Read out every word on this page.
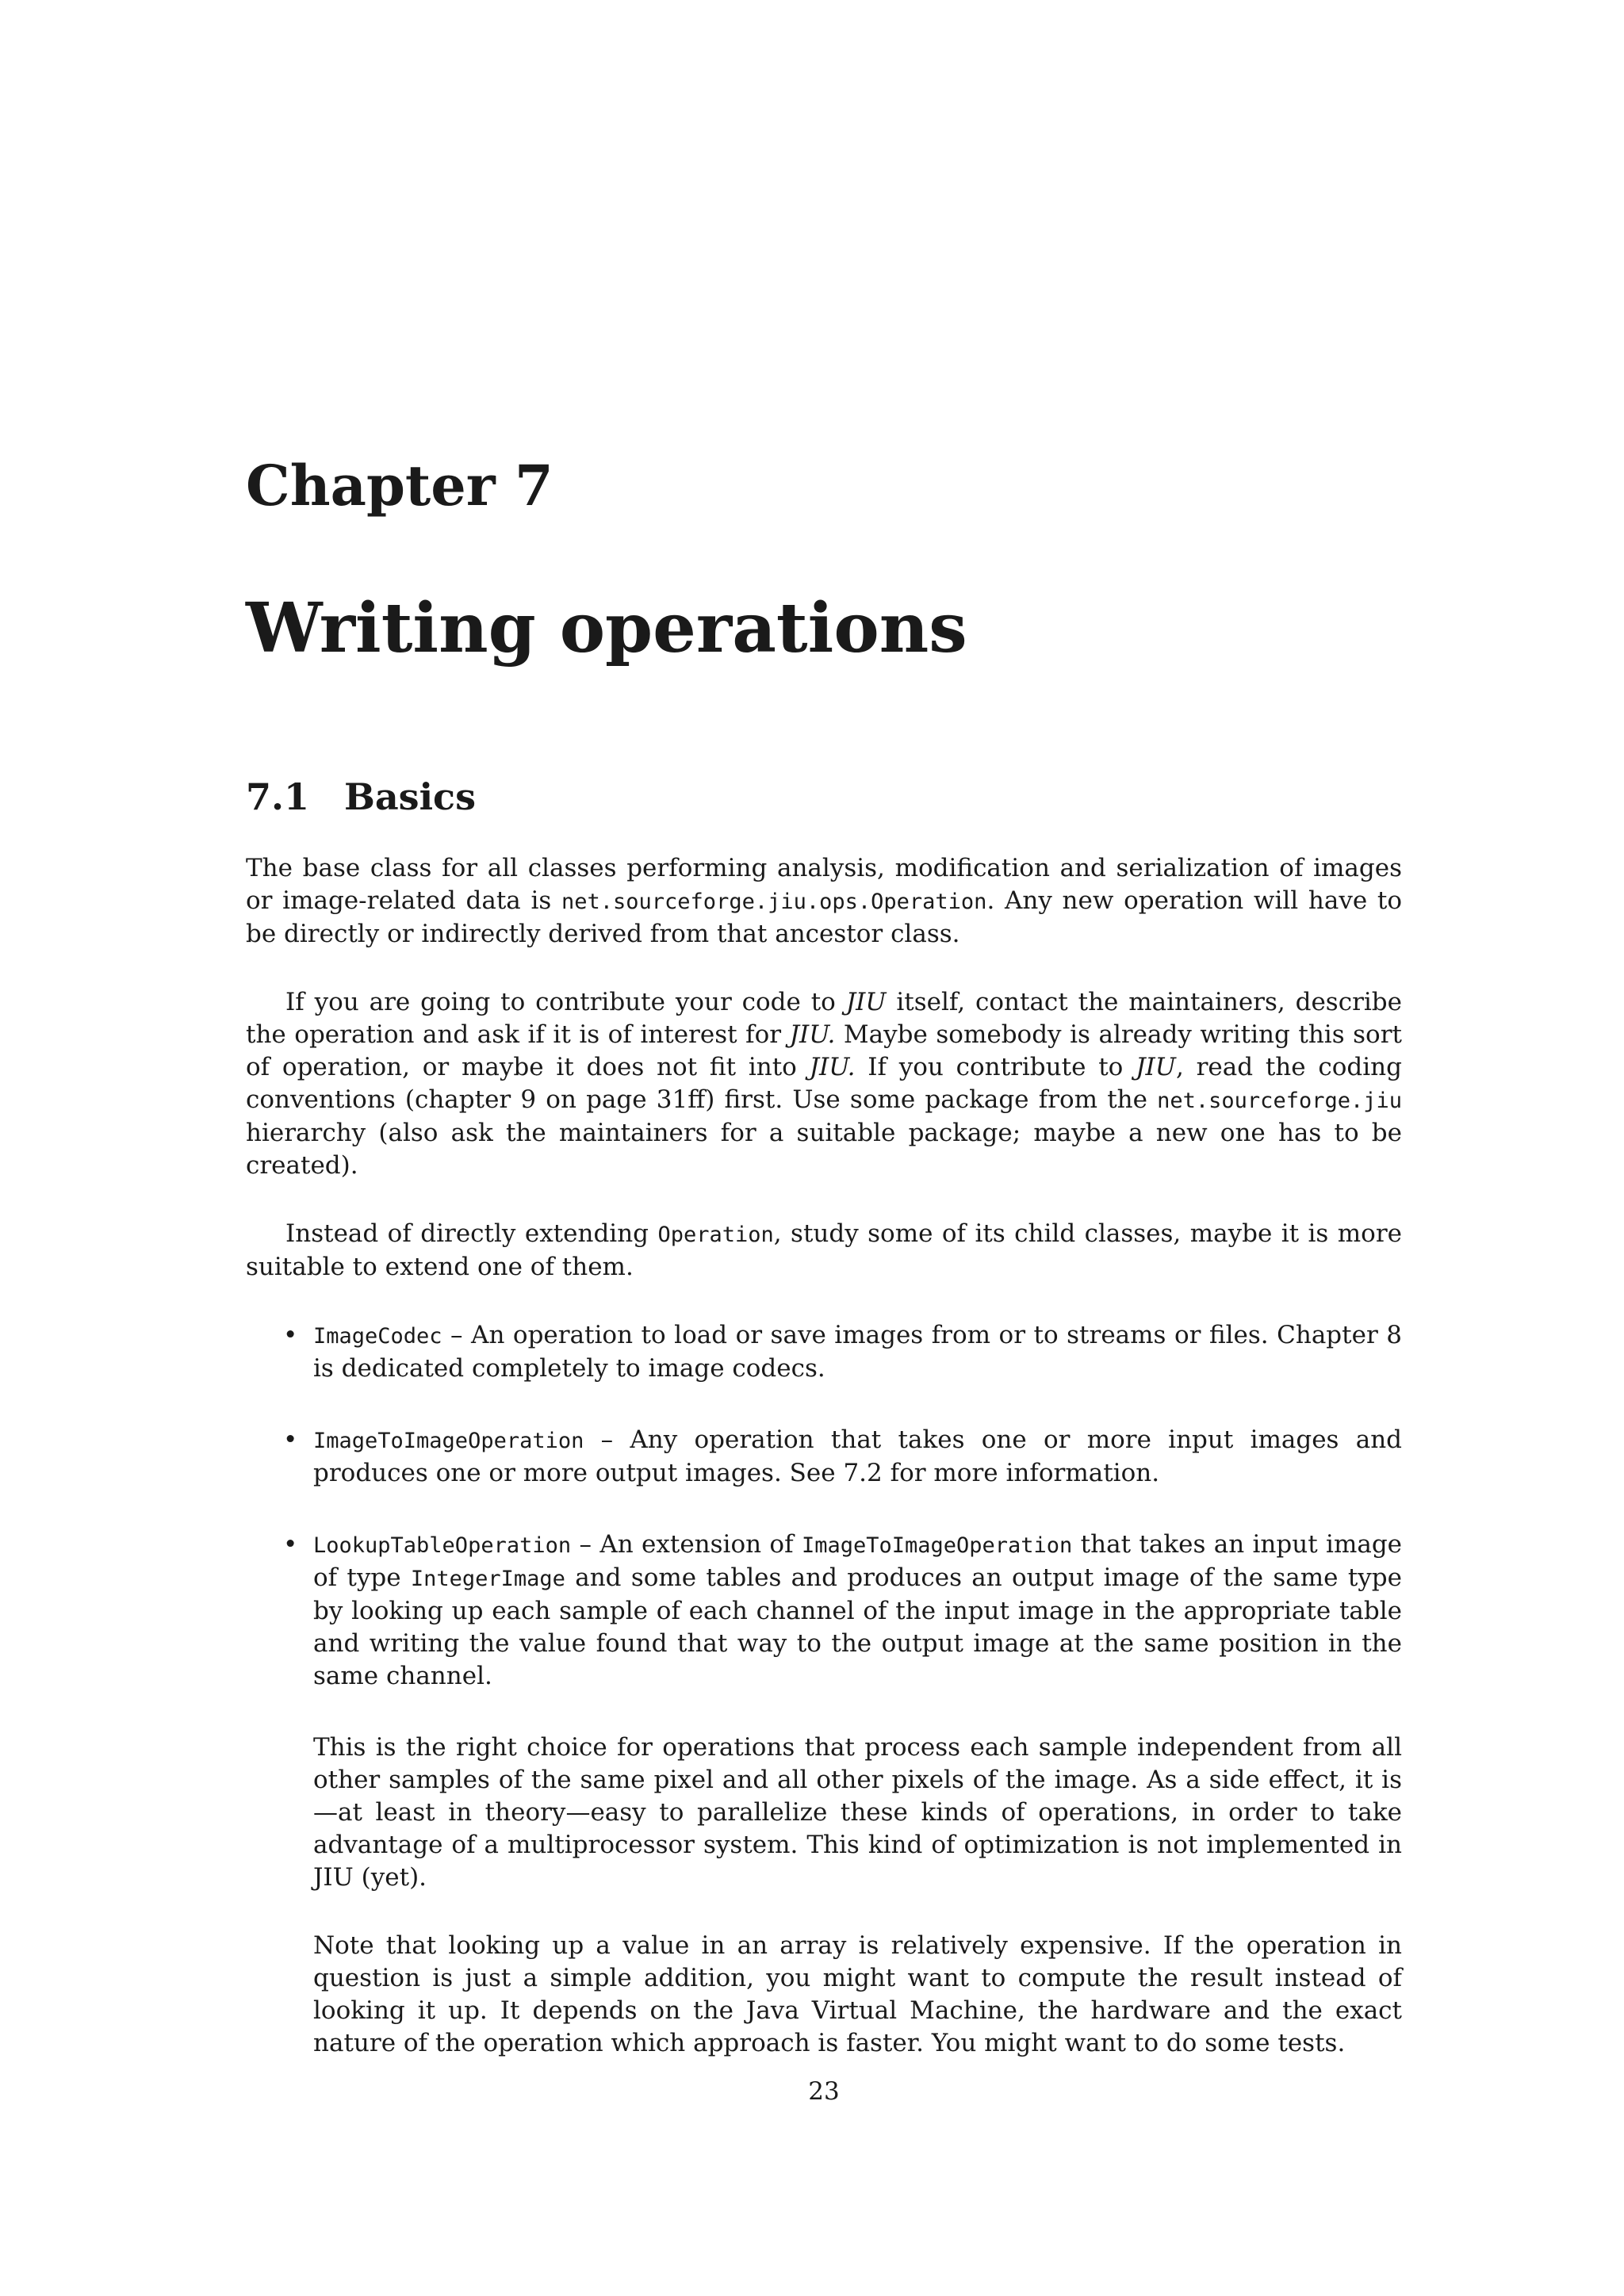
Chapter 7
Writing operations
7.1 Basics

The base class for all classes performing analysis, modification and serialization of images or image-related data is net.sourceforge.jiu.ops.Operation. Any new operation will have to be directly or indirectly derived from that ancestor class.

If you are going to contribute your code to JIU itself, contact the maintainers, describe the operation and ask if it is of interest for JIU. Maybe somebody is already writing this sort of operation, or maybe it does not fit into JIU. If you contribute to JIU, read the coding conventions (chapter 9 on page 31ff) first. Use some package from the net.sourceforge.jiu hierarchy (also ask the maintainers for a suitable package; maybe a new one has to be created).

Instead of directly extending Operation, study some of its child classes, maybe it is more suitable to extend one of them.

• ImageCodec – An operation to load or save images from or to streams or files. Chapter 8 is dedicated completely to image codecs.
• ImageToImageOperation – Any operation that takes one or more input images and produces one or more output images. See 7.2 for more information.
• LookupTableOperation – An extension of ImageToImageOperation that takes an input image of type IntegerImage and some tables and produces an output image of the same type by looking up each sample of each channel of the input image in the appropriate table and writing the value found that way to the output image at the same position in the same channel.

This is the right choice for operations that process each sample independent from all other samples of the same pixel and all other pixels of the image. As a side effect, it is—at least in theory—easy to parallelize these kinds of operations, in order to take advantage of a multiprocessor system. This kind of optimization is not implemented in JIU (yet).

Note that looking up a value in an array is relatively expensive. If the operation in question is just a simple addition, you might want to compute the result instead of looking it up. It depends on the Java Virtual Machine, the hardware and the exact nature of the operation which approach is faster. You might want to do some tests.

23
